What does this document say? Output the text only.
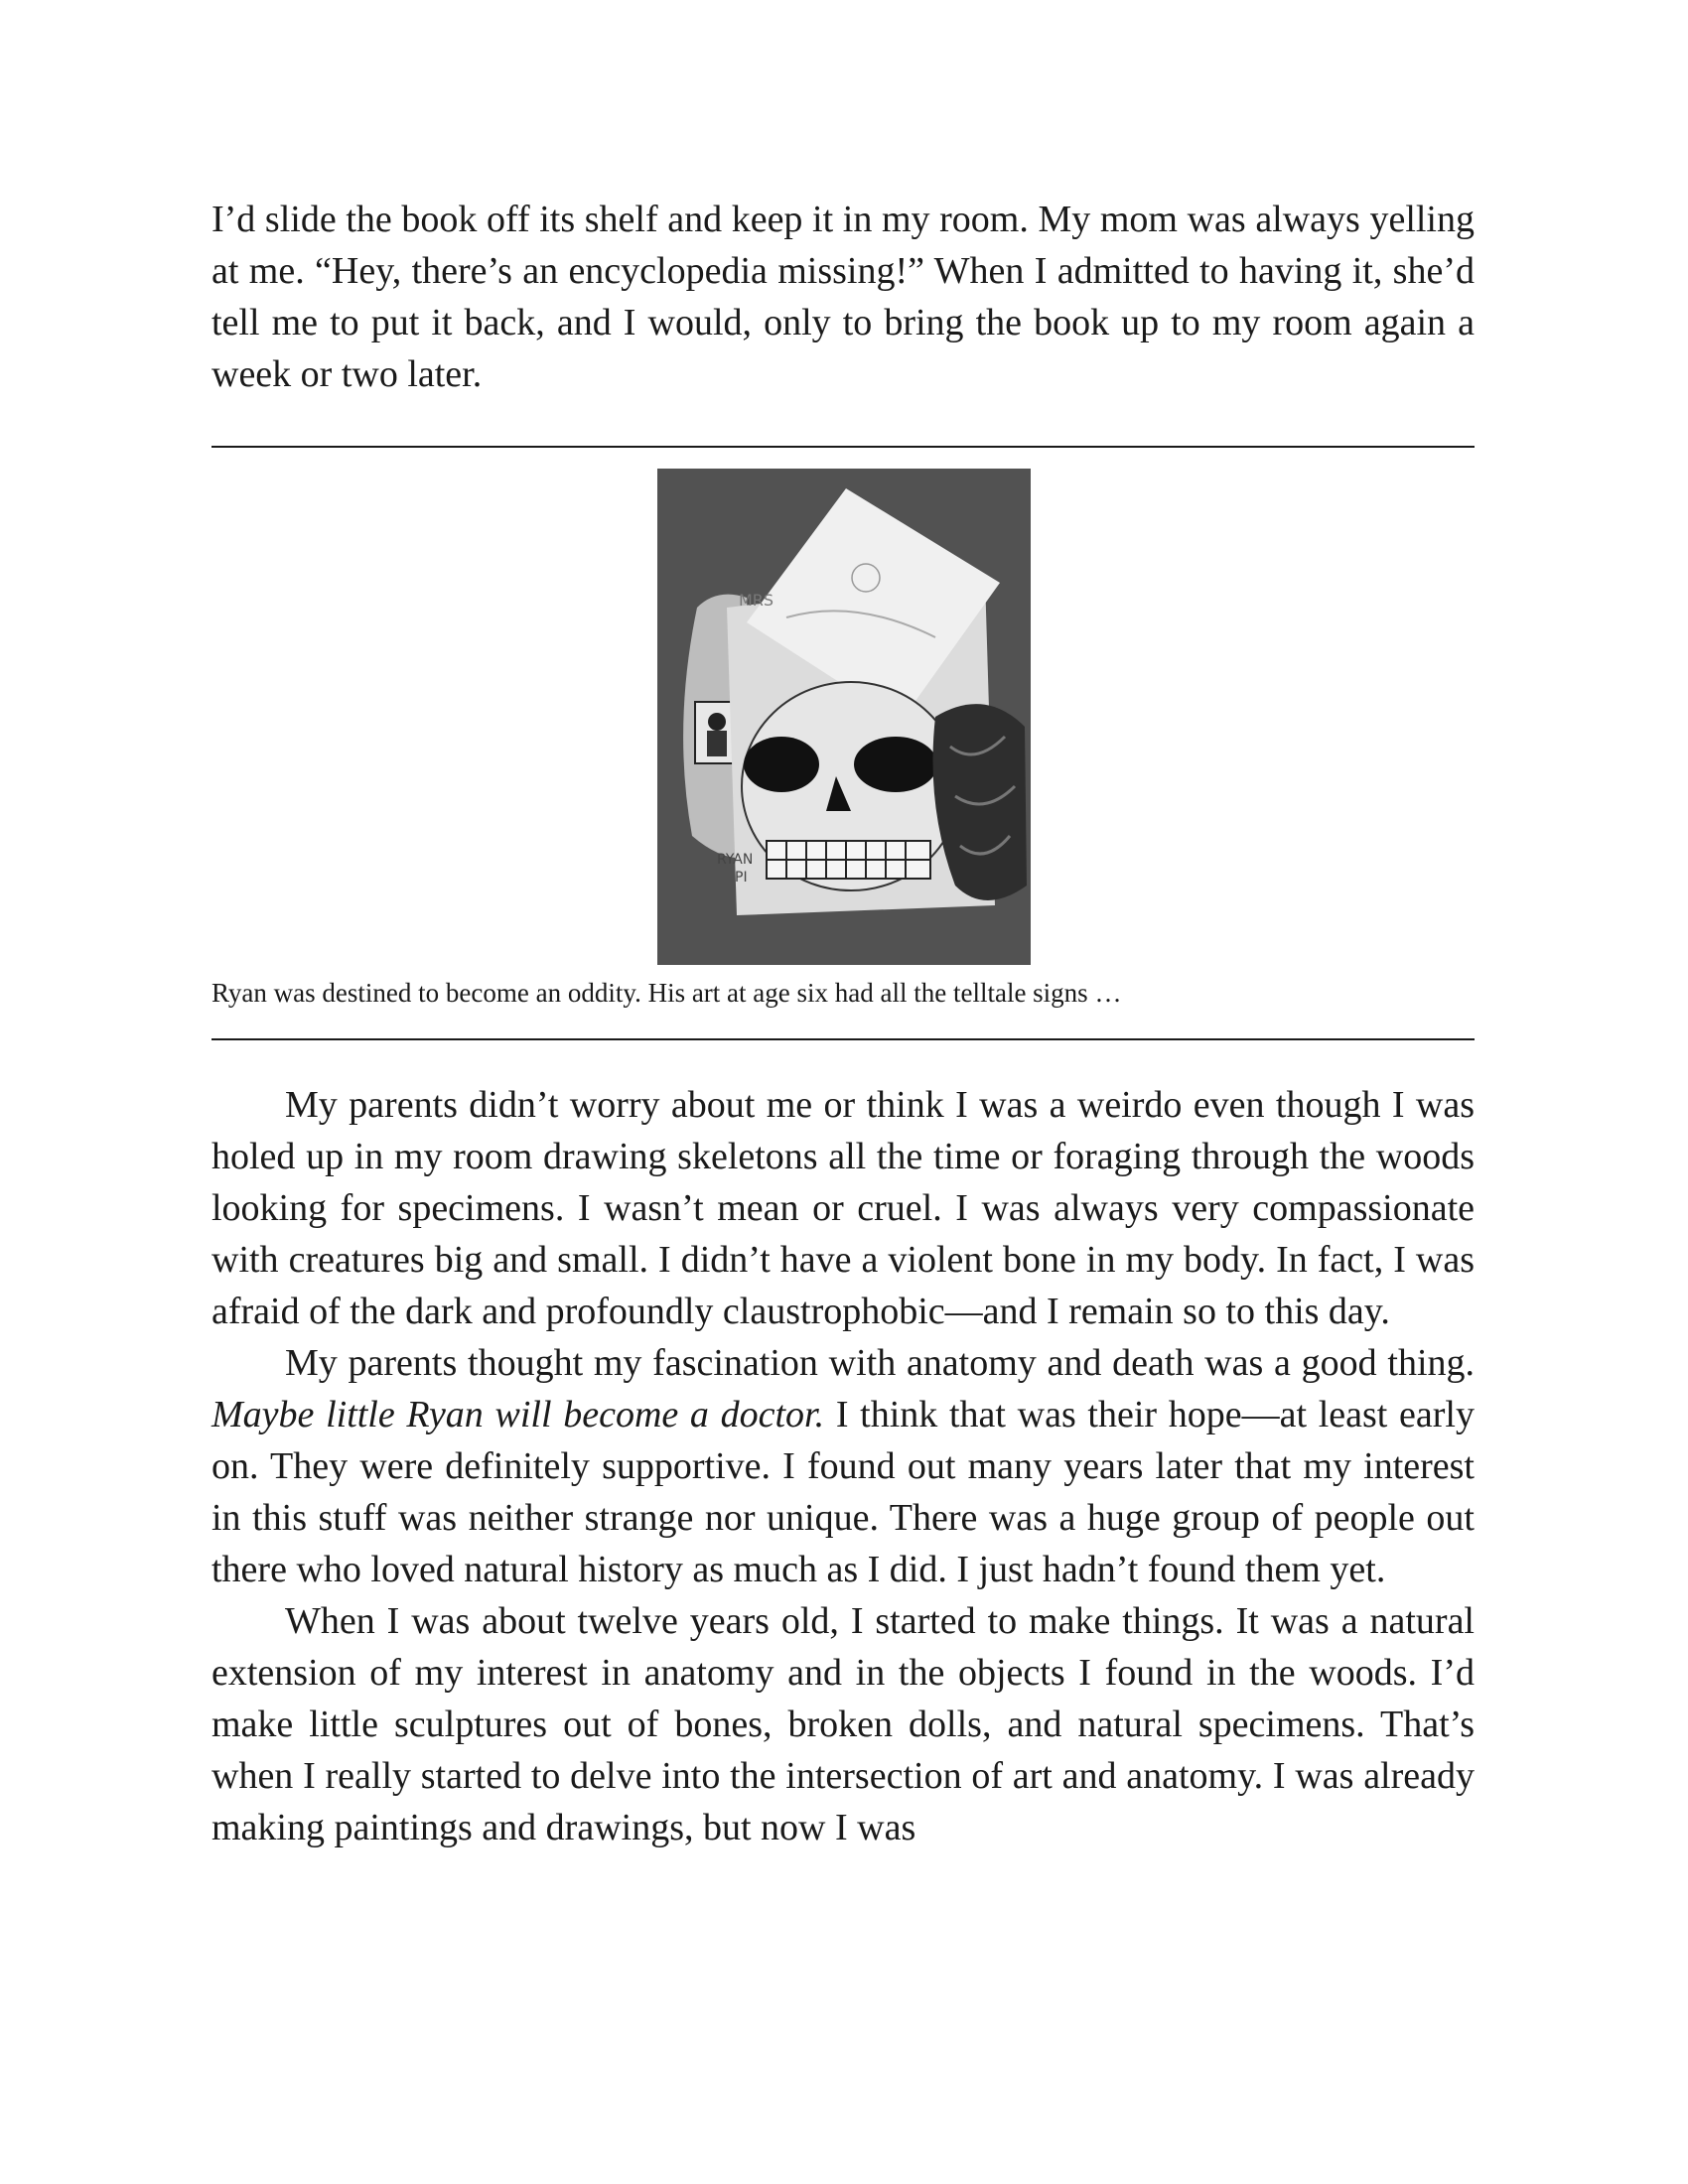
I’d slide the book off its shelf and keep it in my room. My mom was always yelling at me. “Hey, there’s an encyclopedia missing!” When I admitted to having it, she’d tell me to put it back, and I would, only to bring the book up to my room again a week or two later.

MRS
RYAN
PI
Ryan was destined to become an oddity. His art at age six had all the telltale signs …

My parents didn’t worry about me or think I was a weirdo even though I was holed up in my room drawing skeletons all the time or foraging through the woods looking for specimens. I wasn’t mean or cruel. I was always very compassionate with creatures big and small. I didn’t have a violent bone in my body. In fact, I was afraid of the dark and profoundly claustrophobic—and I remain so to this day.

My parents thought my fascination with anatomy and death was a good thing. Maybe little Ryan will become a doctor. I think that was their hope—at least early on. They were definitely supportive. I found out many years later that my interest in this stuff was neither strange nor unique. There was a huge group of people out there who loved natural history as much as I did. I just hadn’t found them yet.

When I was about twelve years old, I started to make things. It was a natural extension of my interest in anatomy and in the objects I found in the woods. I’d make little sculptures out of bones, broken dolls, and natural specimens. That’s when I really started to delve into the intersection of art and anatomy. I was already making paintings and drawings, but now I was
